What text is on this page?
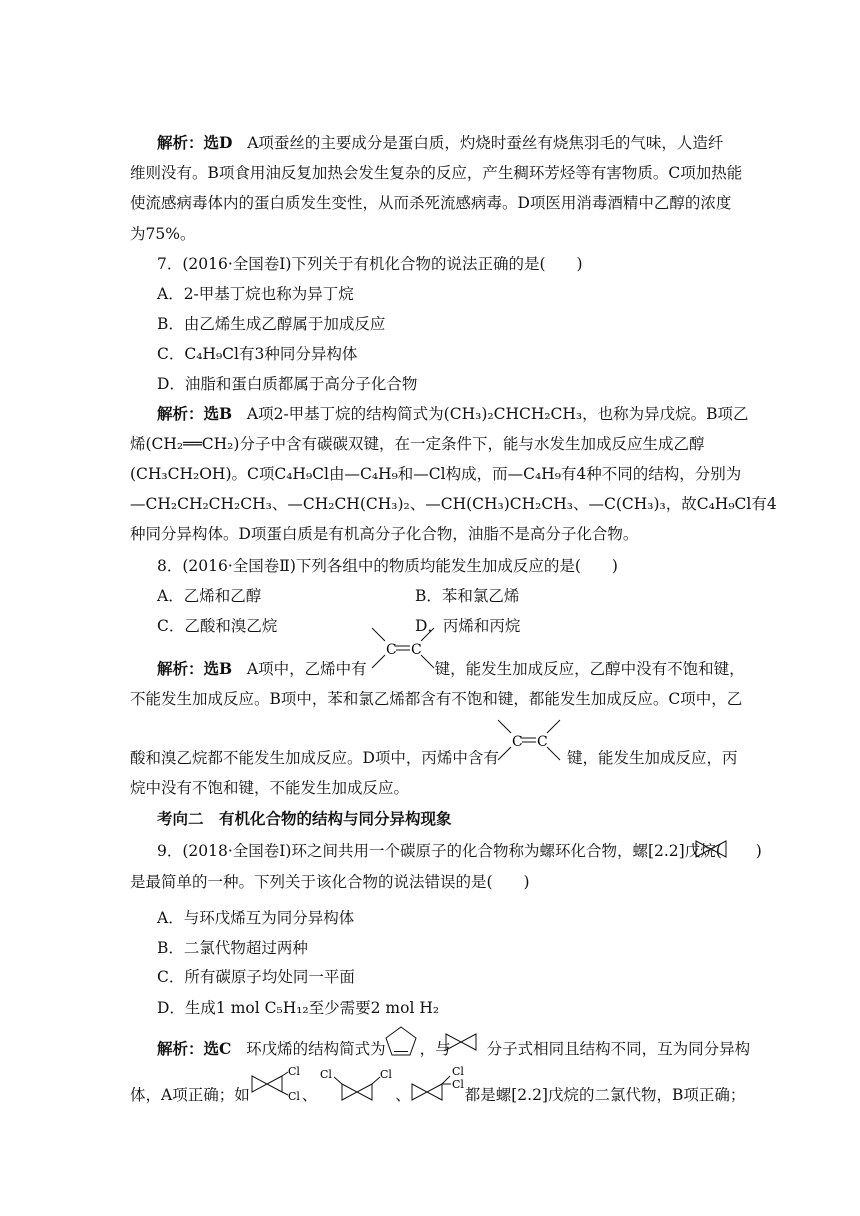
解析：选D A项蚕丝的主要成分是蛋白质，灼烧时蚕丝有烧焦羽毛的气味，人造纤
维则没有。B项食用油反复加热会发生复杂的反应，产生稠环芳烃等有害物质。C项加热能
使流感病毒体内的蛋白质发生变性，从而杀死流感病毒。D项医用消毒酒精中乙醇的浓度
为75%。
7．(2016·全国卷Ⅰ)下列关于有机化合物的说法正确的是(　　)
A．2-甲基丁烷也称为异丁烷
B．由乙烯生成乙醇属于加成反应
C．C₄H₉Cl有3种同分异构体
D．油脂和蛋白质都属于高分子化合物
解析：选B A项2-甲基丁烷的结构简式为(CH₃)₂CHCH₂CH₃，也称为异戊烷。B项乙
烯(CH₂══CH₂)分子中含有碳碳双键，在一定条件下，能与水发生加成反应生成乙醇
(CH₃CH₂OH)。C项C₄H₉Cl由—C₄H₉和—Cl构成，而—C₄H₉有4种不同的结构，分别为
—CH₂CH₂CH₂CH₃、—CH₂CH(CH₃)₂、—CH(CH₃)CH₂CH₃、—C(CH₃)₃，故C₄H₉Cl有4
种同分异构体。D项蛋白质是有机高分子化合物，油脂不是高分子化合物。
8．(2016·全国卷Ⅱ)下列各组中的物质均能发生加成反应的是(　　)
A．乙烯和乙醇	B．苯和氯乙烯
C．乙酸和溴乙烷	D．丙烯和丙烷
解析：选B A项中，乙烯中有	键，能发生加成反应，乙醇中没有不饱和键，
C C
不能发生加成反应。B项中，苯和氯乙烯都含有不饱和键，都能发生加成反应。C项中，乙
酸和溴乙烷都不能发生加成反应。D项中，丙烯中含有	键，能发生加成反应，丙
C C
烷中没有不饱和键，不能发生加成反应。
考向二　有机化合物的结构与同分异构现象
9．(2018·全国卷Ⅰ)环之间共用一个碳原子的化合物称为螺环化合物，螺[2.2]戊烷( )
是最简单的一种。下列关于该化合物的说法错误的是(　　)
A．与环戊烯互为同分异构体
B．二氯代物超过两种
C．所有碳原子均处同一平面
D．生成1 mol C₅H₁₂至少需要2 mol H₂
解析：选C 环戊烯的结构简式为 ，与 分子式相同且结构不同，互为同分异构
体，A项正确；如	、	、	都是螺[2.2]戊烷的二氯代物，B项正确；
Cl
Cl
Cl	Cl	Cl
Cl
